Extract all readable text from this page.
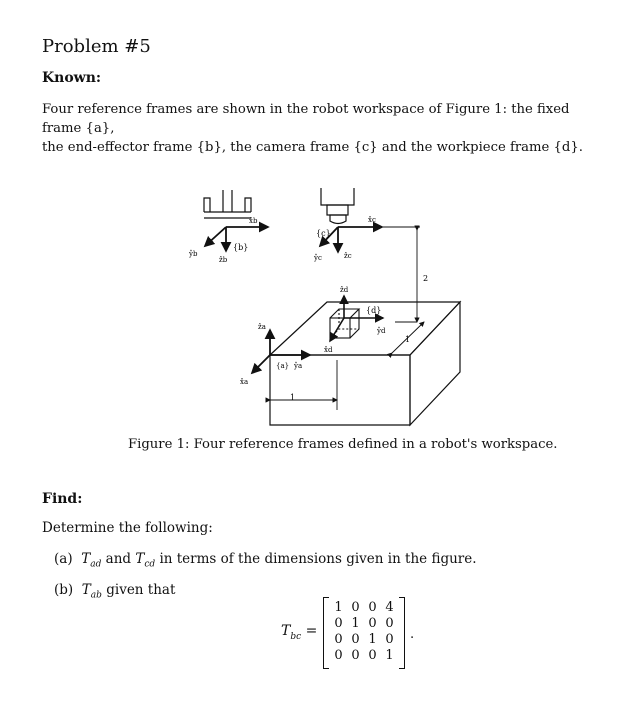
Problem #5
Known:
Four reference frames are shown in the robot workspace of Figure 1: the fixed frame {a},
the end-effector frame {b}, the camera frame {c} and the workpiece frame {d}.
2
1
1
x̂b
ŷb
ẑb
{b}
x̂c
ŷc	ẑc
{c}
ẑd
{d}
ŷd
x̂d
ẑa
{a} ŷa
x̂a
Figure 1: Four reference frames defined in a robot's workspace.
Find:
Determine the following:
(a) $T_{ad}$ and $T_{cd}$ in terms of the dimensions given in the figure.
(b) $T_{ab}$ given that
$T_{bc}$ =
1	0	0	4
0	1	0	0
0	0	1	0
0	0	0	1
.
